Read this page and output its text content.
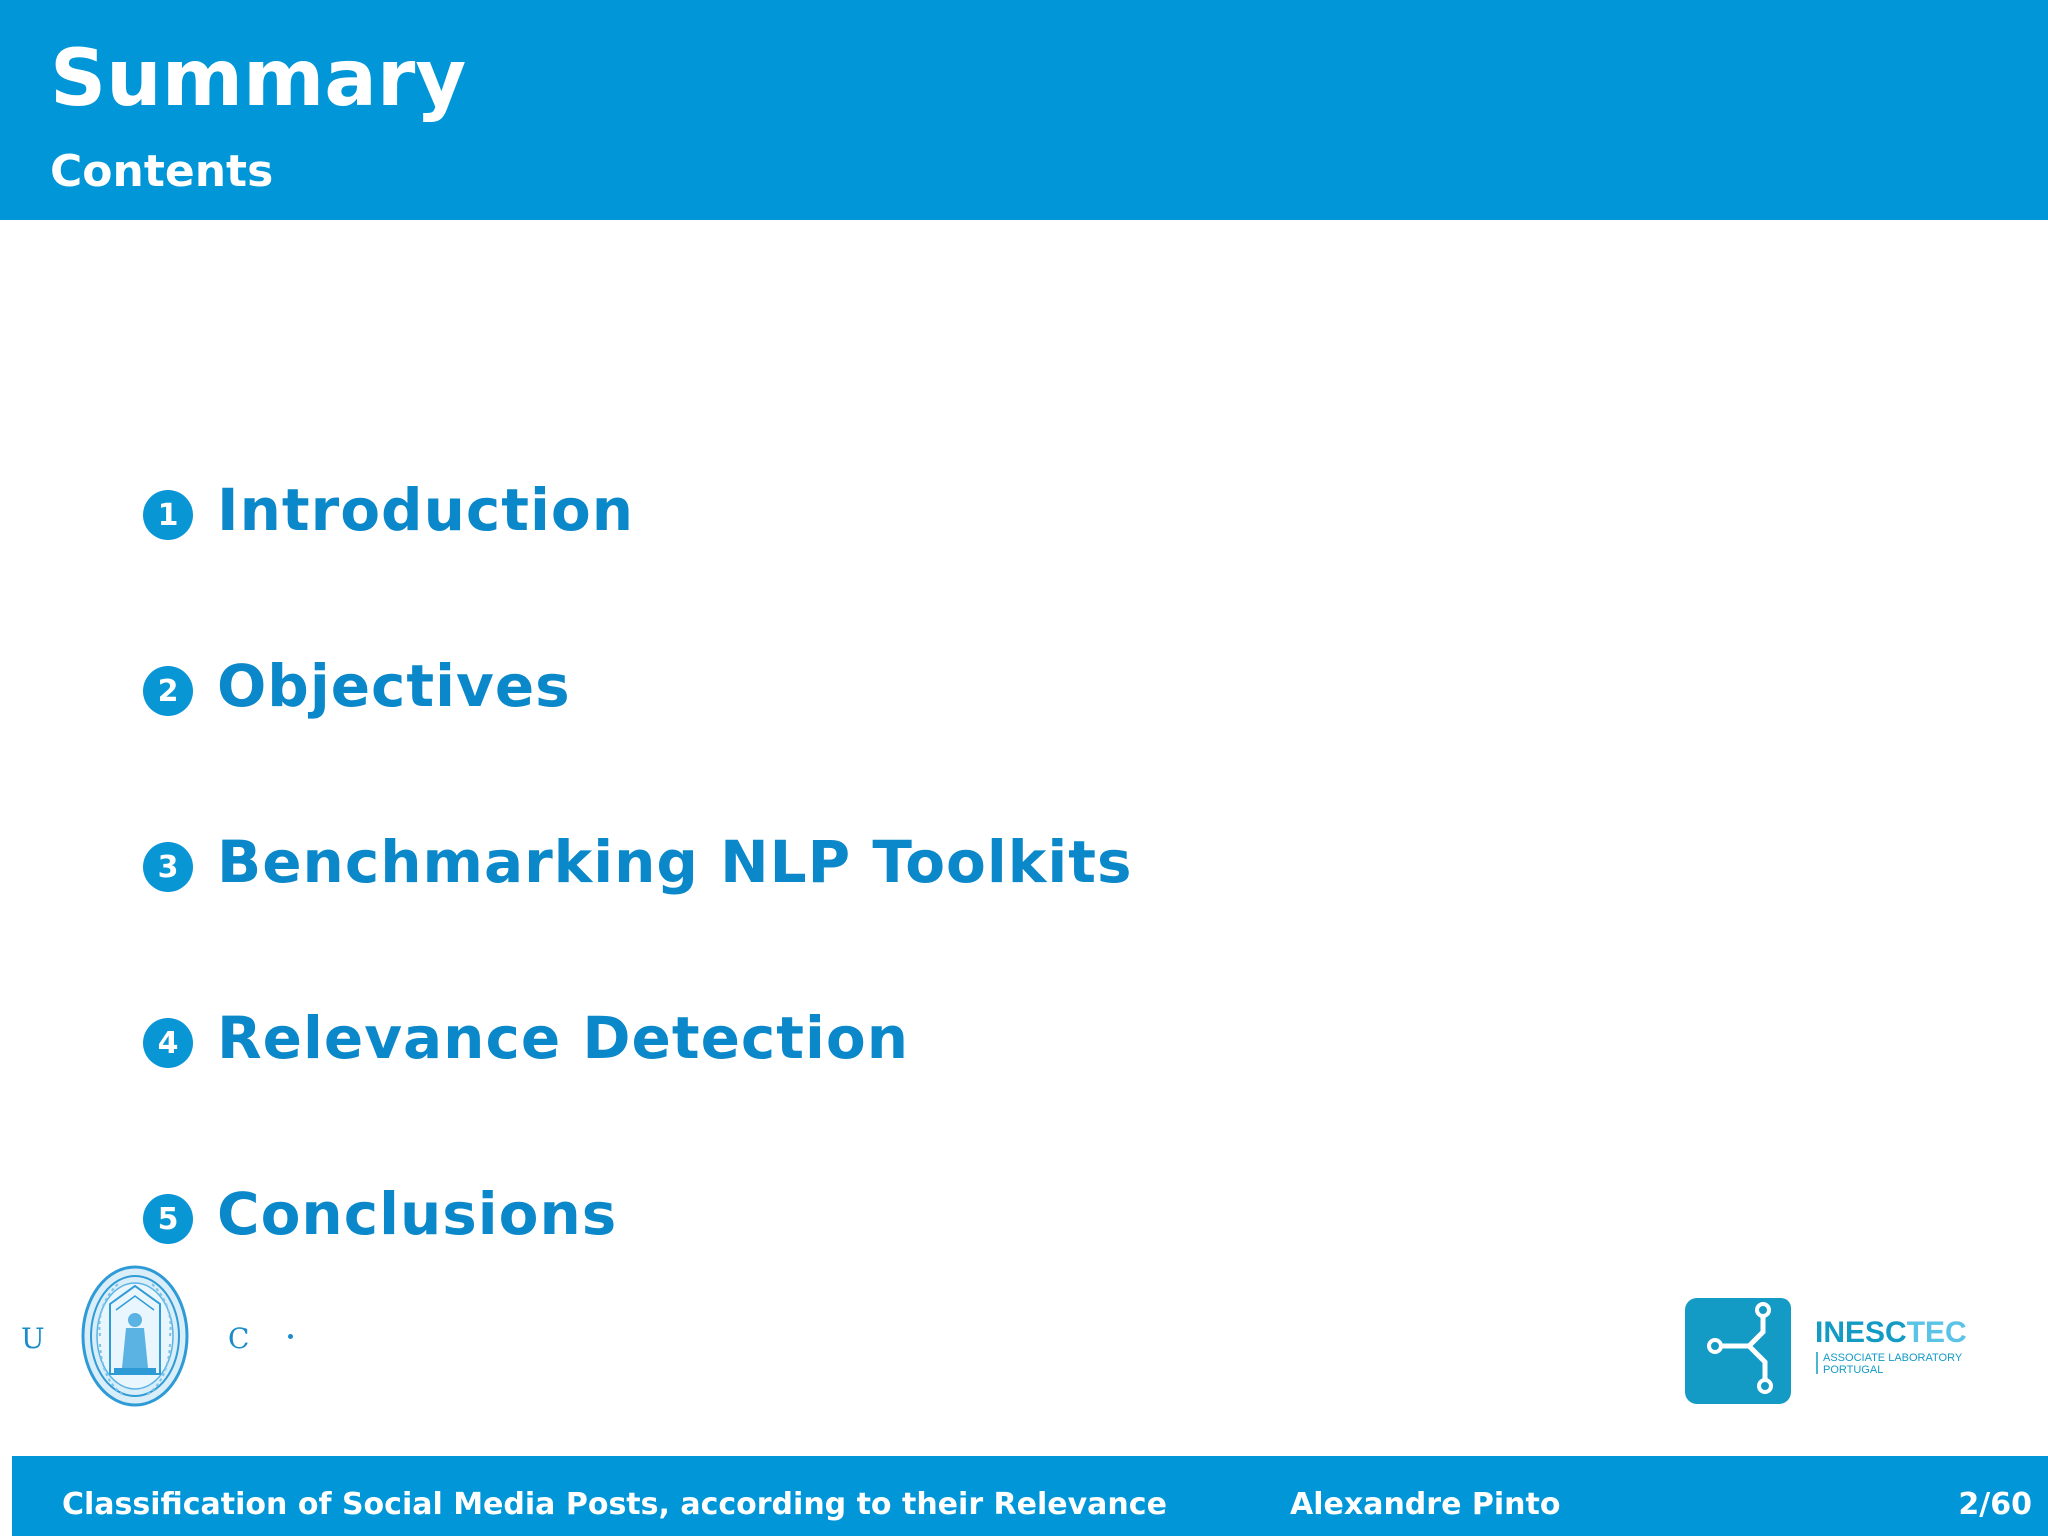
Summary
Contents
1 Introduction
2 Objectives
3 Benchmarking NLP Toolkits
4 Relevance Detection
5 Conclusions
U	C	INESCTEC
ASSOCIATE LABORATORY
PORTUGAL
Classification of Social Media Posts, according to their Relevance	Alexandre Pinto	2/60
